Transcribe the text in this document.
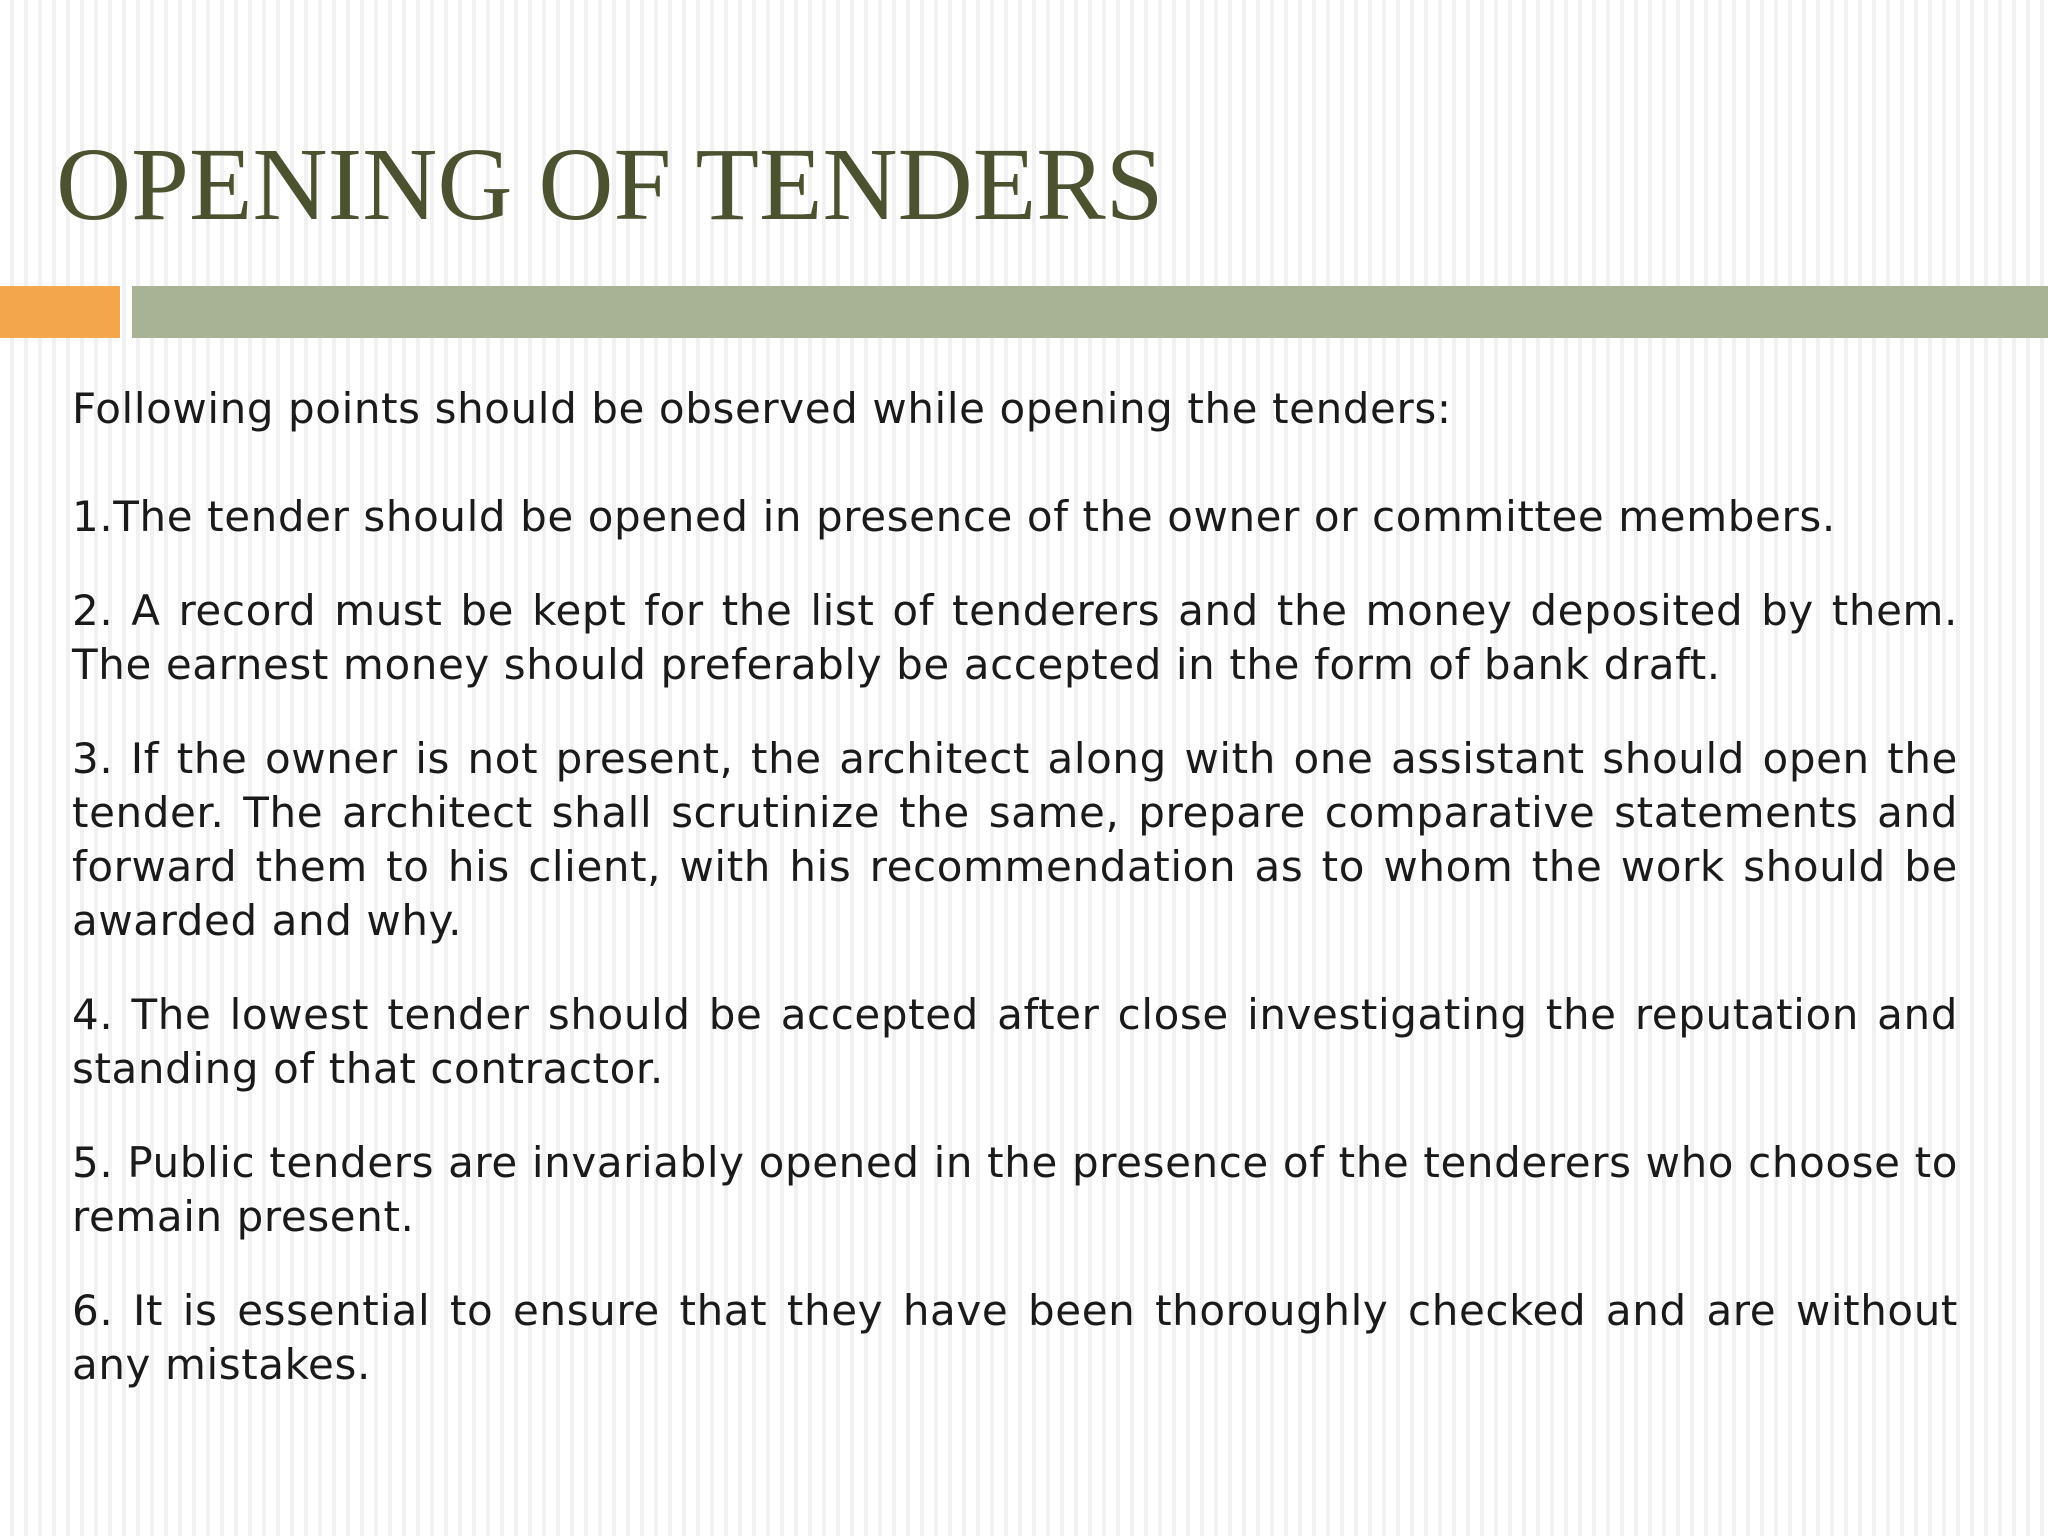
OPENING OF TENDERS

Following points should be observed while opening the tenders:

1.The tender should be opened in presence of the owner or committee members.

2. A record must be kept for the list of tenderers and the money deposited by them. The earnest money should preferably be accepted in the form of bank draft.

3. If the owner is not present, the architect along with one assistant should open the tender. The architect shall scrutinize the same, prepare comparative statements and forward them to his client, with his recommendation as to whom the work should be awarded and why.

4. The lowest tender should be accepted after close investigating the reputation and standing of that contractor.

5. Public tenders are invariably opened in the presence of the tenderers who choose to remain present.

6. It is essential to ensure that they have been thoroughly checked and are without any mistakes.
